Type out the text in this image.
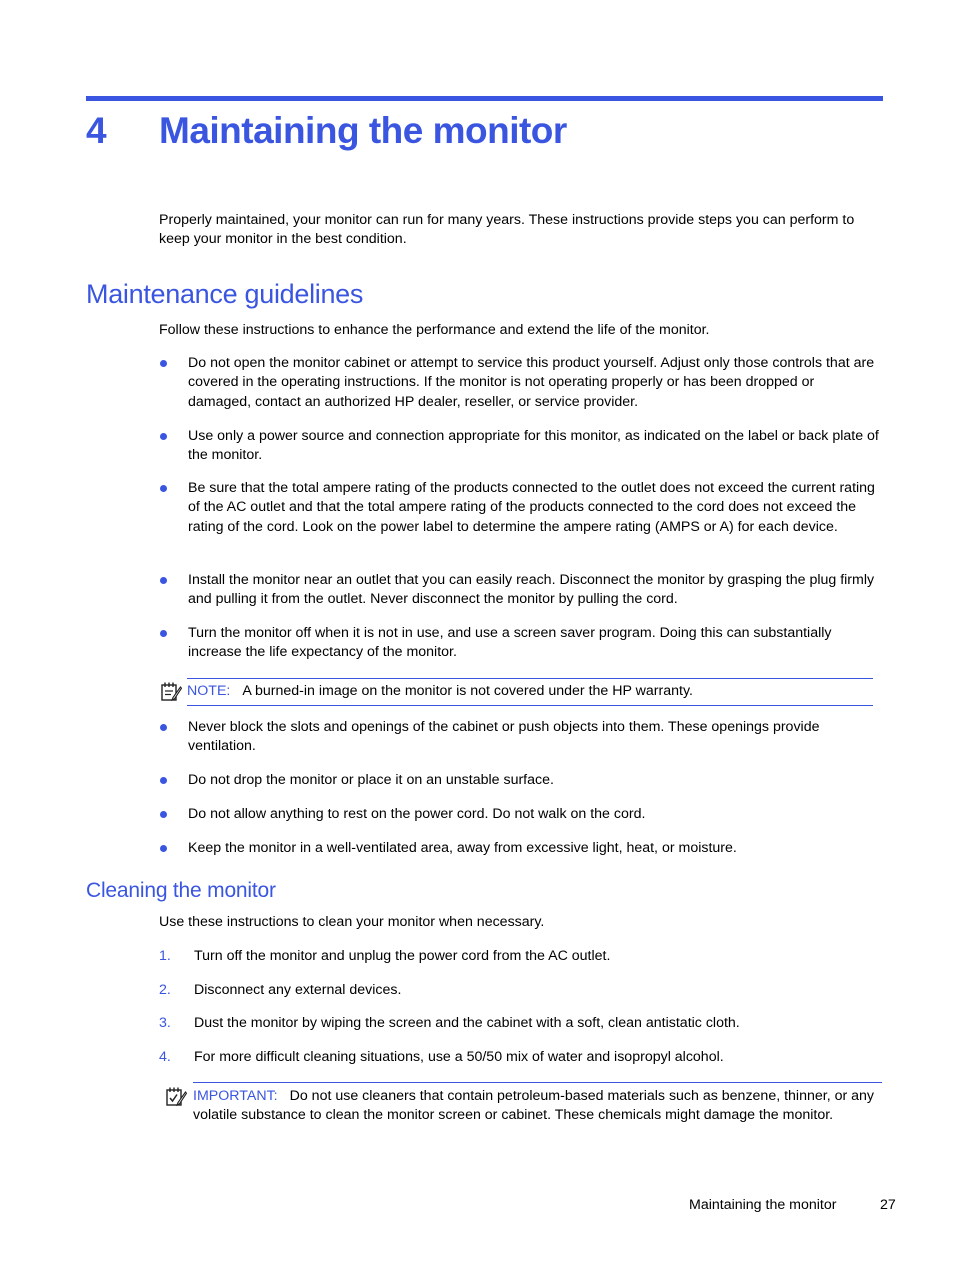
4 Maintaining the monitor
Properly maintained, your monitor can run for many years. These instructions provide steps you can perform to keep your monitor in the best condition.
Maintenance guidelines
Follow these instructions to enhance the performance and extend the life of the monitor.
Do not open the monitor cabinet or attempt to service this product yourself. Adjust only those controls that are covered in the operating instructions. If the monitor is not operating properly or has been dropped or damaged, contact an authorized HP dealer, reseller, or service provider.
Use only a power source and connection appropriate for this monitor, as indicated on the label or back plate of the monitor.
Be sure that the total ampere rating of the products connected to the outlet does not exceed the current rating of the AC outlet and that the total ampere rating of the products connected to the cord does not exceed the rating of the cord. Look on the power label to determine the ampere rating (AMPS or A) for each device.
Install the monitor near an outlet that you can easily reach. Disconnect the monitor by grasping the plug firmly and pulling it from the outlet. Never disconnect the monitor by pulling the cord.
Turn the monitor off when it is not in use, and use a screen saver program. Doing this can substantially increase the life expectancy of the monitor.
NOTE: A burned-in image on the monitor is not covered under the HP warranty.
Never block the slots and openings of the cabinet or push objects into them. These openings provide ventilation.
Do not drop the monitor or place it on an unstable surface.
Do not allow anything to rest on the power cord. Do not walk on the cord.
Keep the monitor in a well-ventilated area, away from excessive light, heat, or moisture.
Cleaning the monitor
Use these instructions to clean your monitor when necessary.
1. Turn off the monitor and unplug the power cord from the AC outlet.
2. Disconnect any external devices.
3. Dust the monitor by wiping the screen and the cabinet with a soft, clean antistatic cloth.
4. For more difficult cleaning situations, use a 50/50 mix of water and isopropyl alcohol.
IMPORTANT: Do not use cleaners that contain petroleum-based materials such as benzene, thinner, or any volatile substance to clean the monitor screen or cabinet. These chemicals might damage the monitor.
Maintaining the monitor	27
